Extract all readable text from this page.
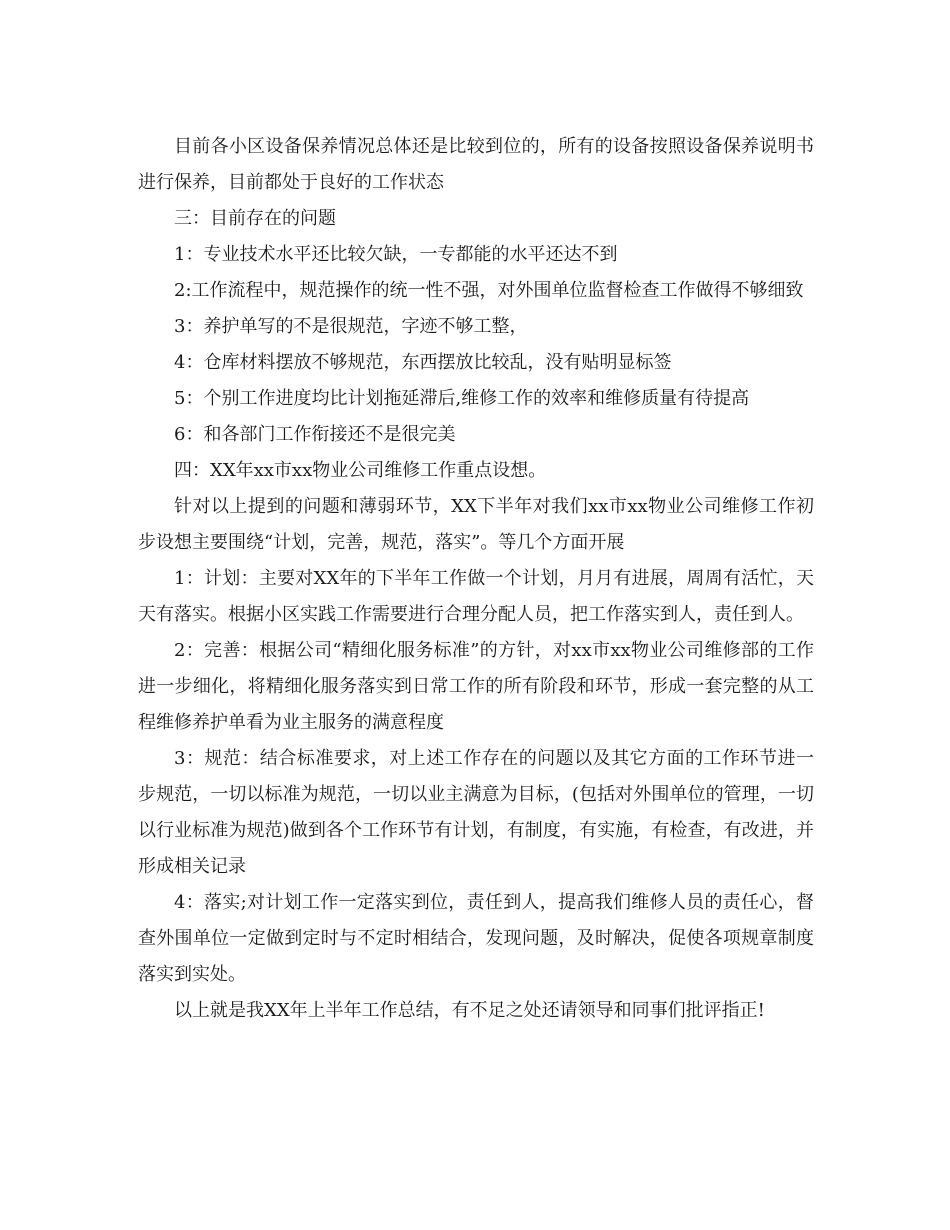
目前各小区设备保养情况总体还是比较到位的，所有的设备按照设备保养说明书进行保养，目前都处于良好的工作状态

三：目前存在的问题

1：专业技术水平还比较欠缺，一专都能的水平还达不到

2:工作流程中，规范操作的统一性不强，对外围单位监督检查工作做得不够细致

3：养护单写的不是很规范，字迹不够工整，

4：仓库材料摆放不够规范，东西摆放比较乱，没有贴明显标签

5：个别工作进度均比计划拖延滞后,维修工作的效率和维修质量有待提高

6：和各部门工作衔接还不是很完美

四：XX年xx市xx物业公司维修工作重点设想。

针对以上提到的问题和薄弱环节，XX下半年对我们xx市xx物业公司维修工作初步设想主要围绕“计划，完善，规范，落实”。等几个方面开展

1：计划：主要对XX年的下半年工作做一个计划，月月有进展，周周有活忙，天天有落实。根据小区实践工作需要进行合理分配人员，把工作落实到人，责任到人。

2：完善：根据公司“精细化服务标准”的方针，对xx市xx物业公司维修部的工作进一步细化，将精细化服务落实到日常工作的所有阶段和环节，形成一套完整的从工程维修养护单看为业主服务的满意程度

3：规范：结合标准要求，对上述工作存在的问题以及其它方面的工作环节进一步规范，一切以标准为规范，一切以业主满意为目标，(包括对外围单位的管理，一切以行业标准为规范)做到各个工作环节有计划，有制度，有实施，有检查，有改进，并形成相关记录

4：落实;对计划工作一定落实到位，责任到人，提高我们维修人员的责任心，督查外围单位一定做到定时与不定时相结合，发现问题，及时解决，促使各项规章制度落实到实处。

以上就是我XX年上半年工作总结，有不足之处还请领导和同事们批评指正!
